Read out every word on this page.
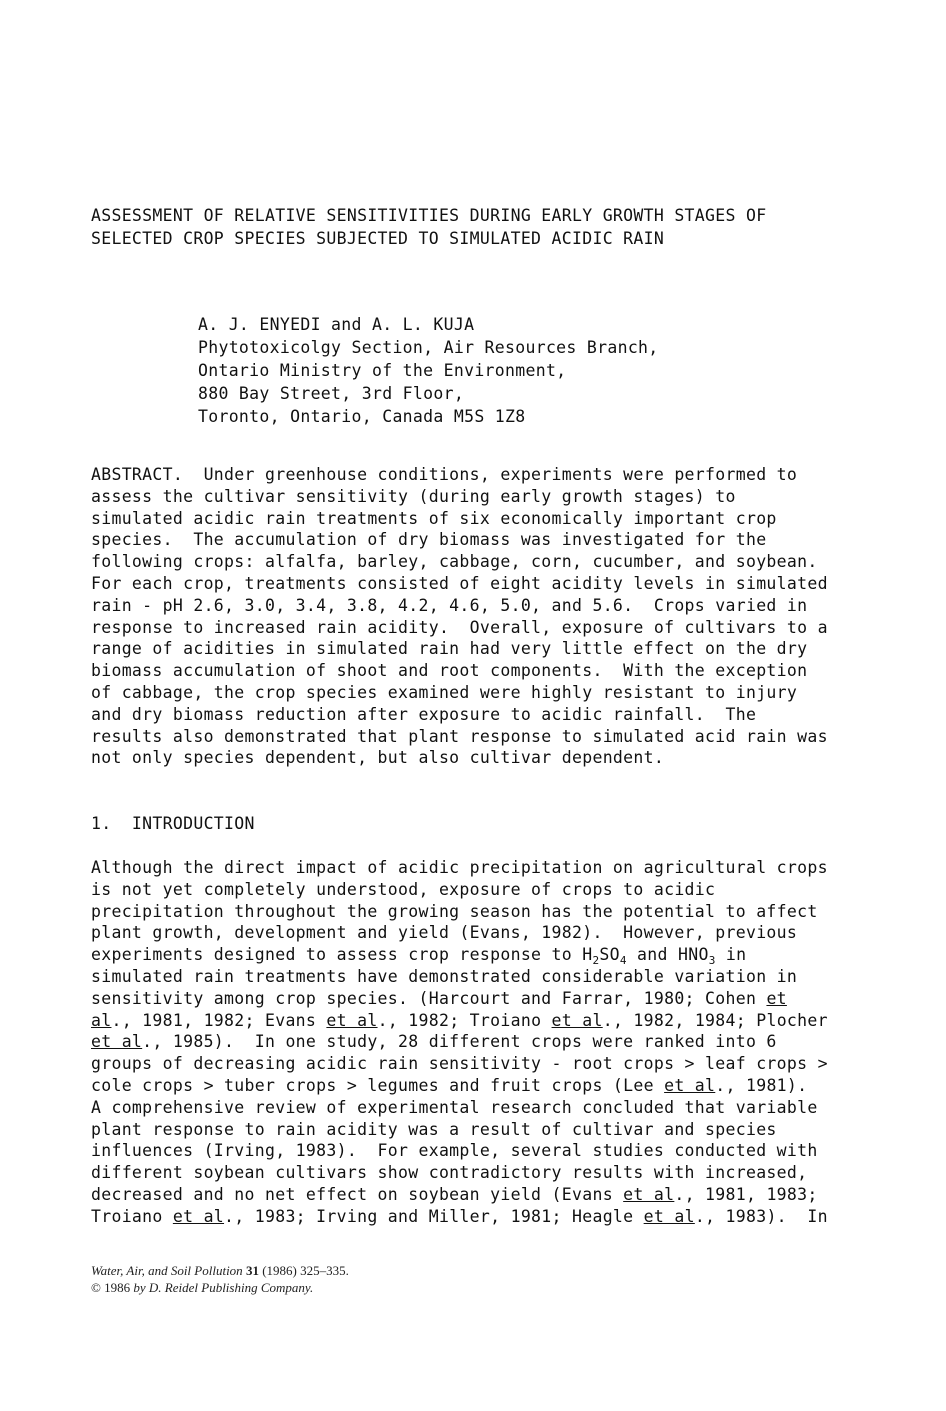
ASSESSMENT OF RELATIVE SENSITIVITIES DURING EARLY GROWTH STAGES OF
SELECTED CROP SPECIES SUBJECTED TO SIMULATED ACIDIC RAIN
A. J. ENYEDI and A. L. KUJA
Phytotoxicolgy Section, Air Resources Branch,
Ontario Ministry of the Environment,
880 Bay Street, 3rd Floor,
Toronto, Ontario, Canada M5S 1Z8
ABSTRACT.  Under greenhouse conditions, experiments were performed to
assess the cultivar sensitivity (during early growth stages) to
simulated acidic rain treatments of six economically important crop
species.  The accumulation of dry biomass was investigated for the
following crops: alfalfa, barley, cabbage, corn, cucumber, and soybean.
For each crop, treatments consisted of eight acidity levels in simulated
rain - pH 2.6, 3.0, 3.4, 3.8, 4.2, 4.6, 5.0, and 5.6.  Crops varied in
response to increased rain acidity.  Overall, exposure of cultivars to a
range of acidities in simulated rain had very little effect on the dry
biomass accumulation of shoot and root components.  With the exception
of cabbage, the crop species examined were highly resistant to injury
and dry biomass reduction after exposure to acidic rainfall.  The
results also demonstrated that plant response to simulated acid rain was
not only species dependent, but also cultivar dependent.
1.  INTRODUCTION
Although the direct impact of acidic precipitation on agricultural crops
is not yet completely understood, exposure of crops to acidic
precipitation throughout the growing season has the potential to affect
plant growth, development and yield (Evans, 1982).  However, previous
experiments designed to assess crop response to $H_2SO_4$ and $HNO_3$ in
simulated rain treatments have demonstrated considerable variation in
sensitivity among crop species. (Harcourt and Farrar, 1980; Cohen et
al., 1981, 1982; Evans et al., 1982; Troiano et al., 1982, 1984; Plocher
et al., 1985).  In one study, 28 different crops were ranked into 6
groups of decreasing acidic rain sensitivity - root crops > leaf crops >
cole crops > tuber crops > legumes and fruit crops (Lee et al., 1981).
A comprehensive review of experimental research concluded that variable
plant response to rain acidity was a result of cultivar and species
influences (Irving, 1983).  For example, several studies conducted with
different soybean cultivars show contradictory results with increased,
decreased and no net effect on soybean yield (Evans et al., 1981, 1983;
Troiano et al., 1983; Irving and Miller, 1981; Heagle et al., 1983).  In
Water, Air, and Soil Pollution 31 (1986) 325–335.
© 1986 by D. Reidel Publishing Company.
